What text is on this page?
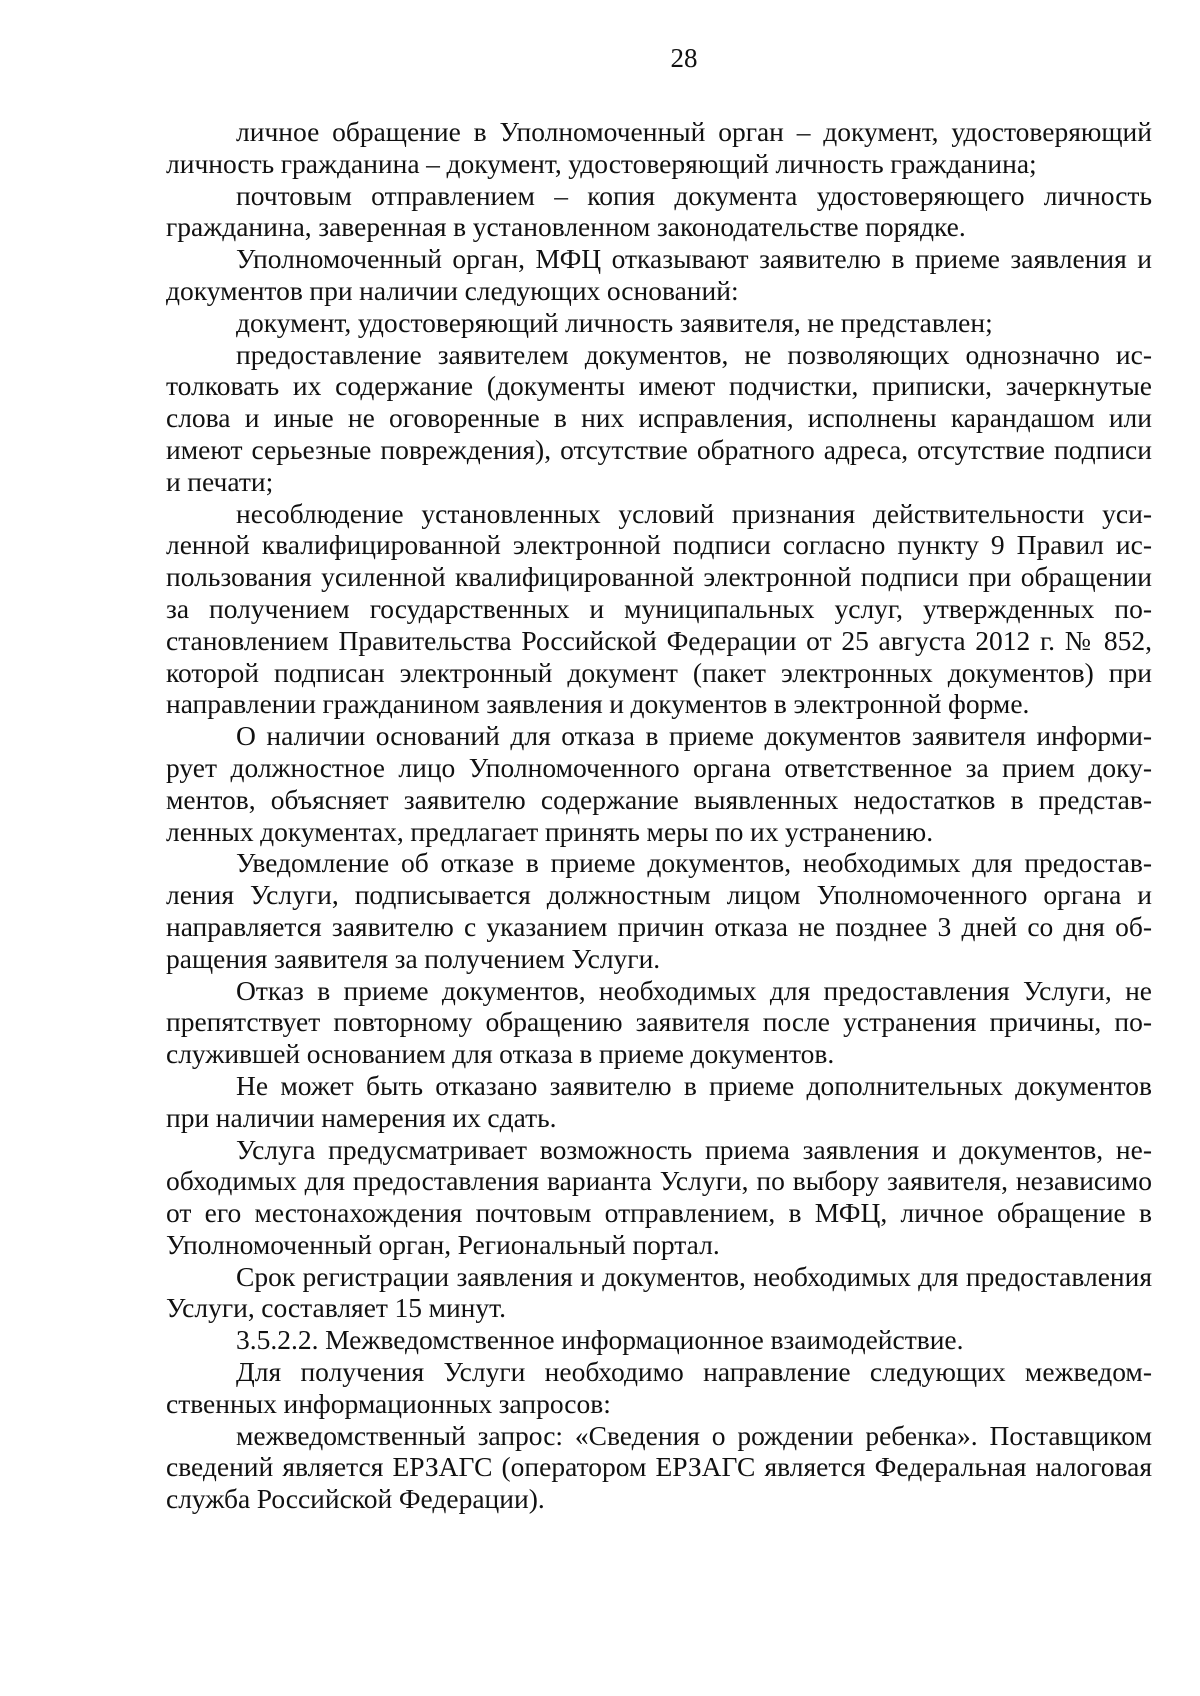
28

личное обращение в Уполномоченный орган – документ, удостоверяющий личность гражданина – документ, удостоверяющий личность гражданина;

почтовым отправлением – копия документа удостоверяющего личность гражданина, заверенная в установленном законодательстве порядке.

Уполномоченный орган, МФЦ отказывают заявителю в приеме заявления и документов при наличии следующих оснований:

документ, удостоверяющий личность заявителя, не представлен;

предоставление заявителем документов, не позволяющих однозначно истолковать их содержание (документы имеют подчистки, приписки, зачеркнутые слова и иные не оговоренные в них исправления, исполнены карандашом или имеют серьезные повреждения), отсутствие обратного адреса, отсутствие подписи и печати;

несоблюдение установленных условий признания действительности усиленной квалифицированной электронной подписи согласно пункту 9 Правил использования усиленной квалифицированной электронной подписи при обращении за получением государственных и муниципальных услуг, утвержденных постановлением Правительства Российской Федерации от 25 августа 2012 г. № 852, которой подписан электронный документ (пакет электронных документов) при направлении гражданином заявления и документов в электронной форме.

О наличии оснований для отказа в приеме документов заявителя информирует должностное лицо Уполномоченного органа ответственное за прием документов, объясняет заявителю содержание выявленных недостатков в представленных документах, предлагает принять меры по их устранению.

Уведомление об отказе в приеме документов, необходимых для предоставления Услуги, подписывается должностным лицом Уполномоченного органа и направляется заявителю с указанием причин отказа не позднее 3 дней со дня обращения заявителя за получением Услуги.

Отказ в приеме документов, необходимых для предоставления Услуги, не препятствует повторному обращению заявителя после устранения причины, послужившей основанием для отказа в приеме документов.

Не может быть отказано заявителю в приеме дополнительных документов при наличии намерения их сдать.

Услуга предусматривает возможность приема заявления и документов, необходимых для предоставления варианта Услуги, по выбору заявителя, независимо от его местонахождения почтовым отправлением, в МФЦ, личное обращение в Уполномоченный орган, Региональный портал.

Срок регистрации заявления и документов, необходимых для предоставления Услуги, составляет 15 минут.

3.5.2.2. Межведомственное информационное взаимодействие.

Для получения Услуги необходимо направление следующих межведомственных информационных запросов:

межведомственный запрос: «Сведения о рождении ребенка». Поставщиком сведений является ЕРЗАГС (оператором ЕРЗАГС является Федеральная налоговая служба Российской Федерации).
